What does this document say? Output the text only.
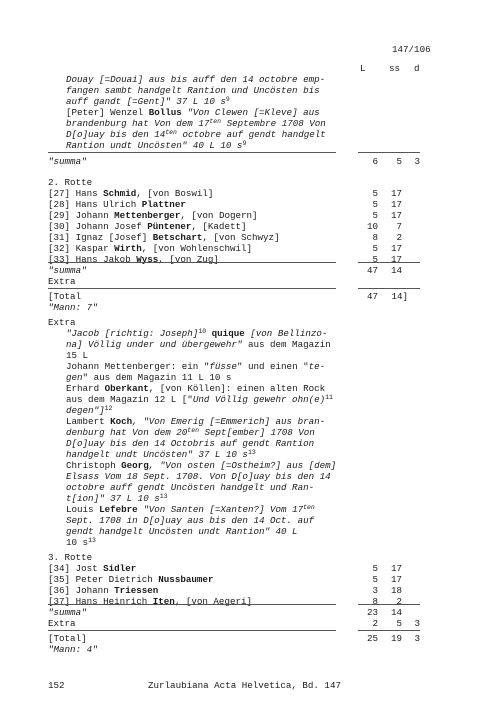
147/106
L	ss d
Douay [=Douai] aus bis auff den 14 octobre emp-
fangen sambt handgelt Rantion und Uncösten bis
auff gandt [=Gent]" 37 L 10 $s^9$
[Peter] Wenzel Bollus "Von Clewen [=Kleve] aus
brandenburg hat Von dem $17^{ten}$ Septembre 1708 Von
D[o]uay bis den $14^{ten}$ octobre auf gendt handgelt
Rantion undt Uncösten" 40 L 10 $s^9$
"summa"	6	5 3
2. Rotte
[27] Hans Schmid, [von Boswil]	5	17
[28] Hans Ulrich Plattner	5	17
[29] Johann Mettenberger, [von Dogern]	5	17
[30] Johann Josef Püntener, [Kadett]	10	7
[31] Ignaz [Josef] Betschart, [von Schwyz]	8	2
[32] Kaspar Wirth, [von Wohlenschwil]	5	17
[33] Hans Jakob Wyss, [von Zug]	5	17
"summa"	47	14
Extra
[Total	47	14]
"Mann: 7"
Extra
"Jacob [richtig: Joseph]$^{10}$ quique [von Bellinzo-
na] Völlig under und übergewehr" aus dem Magazin
15 L
Johann Mettenberger: ein "füsse" und einen "te-
gen" aus dem Magazin 11 L 10 s
Erhard Oberkant, [von Köllen]: einen alten Rock
aus dem Magazin 12 L ["Und Völlig gewehr $ohn(e)^{11}$
degen"]$^{12}$
Lambert Koch, "Von Emerig [=Emmerich] aus bran-
denburg hat Von dem $20^{ten}$ Sept[ember] 1708 Von
D[o]uay bis den 14 Octobris auf gendt Rantion
handgelt undt Uncösten" 37 L 10 $s^{13}$
Christoph Georg, "Von osten [=Ostheim?] aus [dem]
Elsass Vom 18 Sept. 1708. Von D[o]uay bis den 14
octobre auff gendt Uncösten handgelt und Ran-
t[ion]" 37 L 10 $s^{13}$
Louis Lefebre "Von Santen [=Xanten?] Vom $17^{ten}$
Sept. 1708 in D[o]uay aus bis den 14 Oct. auf
gendt handgelt Uncösten undt Rantion" 40 L
10 $s^{13}$
3. Rotte
[34] Jost Sidler	5	17
[35] Peter Dietrich Nussbaumer	5	17
[36] Johann Triessen	3	18
[37] Hans Heinrich Iten, [von Aegeri]	8	2
"summa"	23	14
Extra	2	5 3
[Total]	25	19 3
"Mann: 4"
152	Zurlaubiana Acta Helvetica, Bd. 147
